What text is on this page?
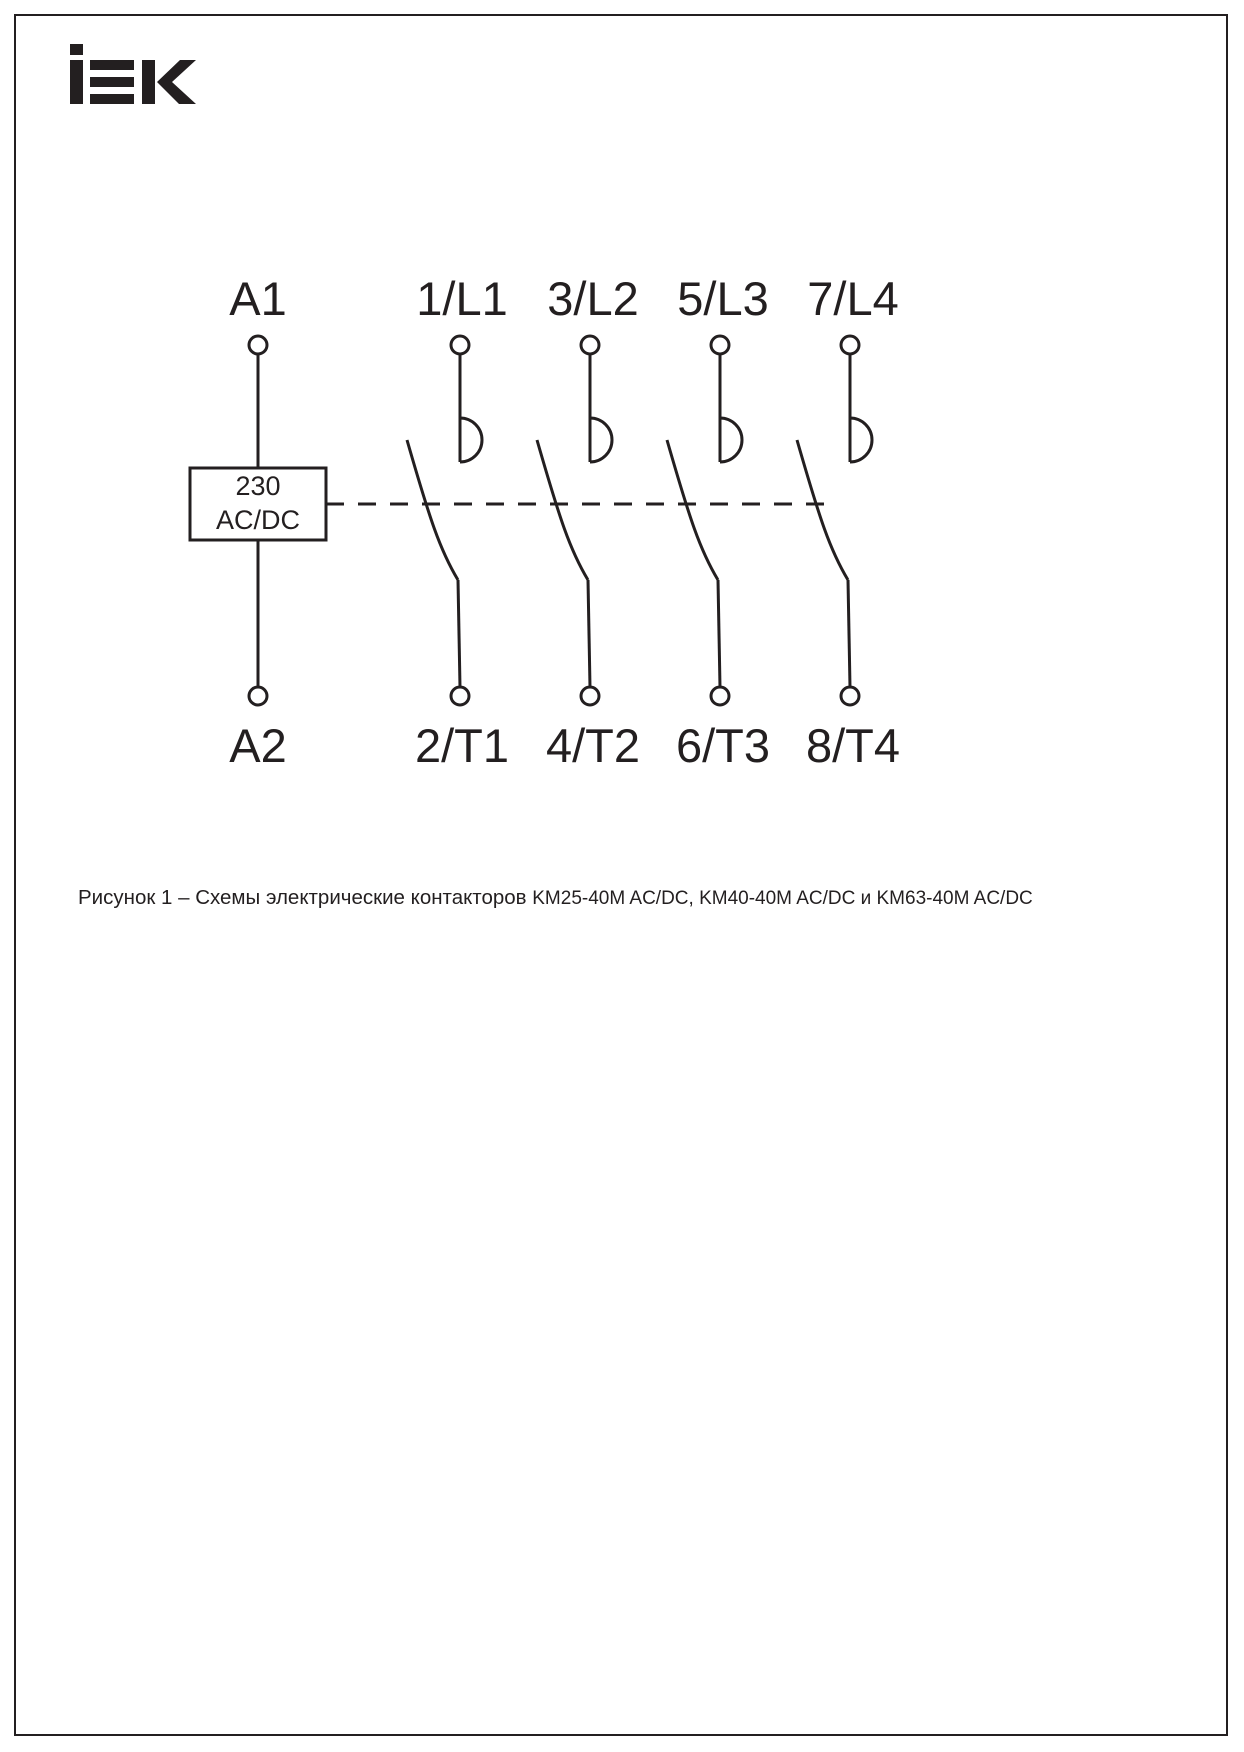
230
AC/DC
A1	1/L1 3/L2 5/L3 7/L4
A2	2/T1 4/T2 6/T3 8/T4
Рисунок 1 – Схемы электрические контакторов KM25-40M AC/DC, KM40-40M AC/DC и KM63-40M AC/DC
